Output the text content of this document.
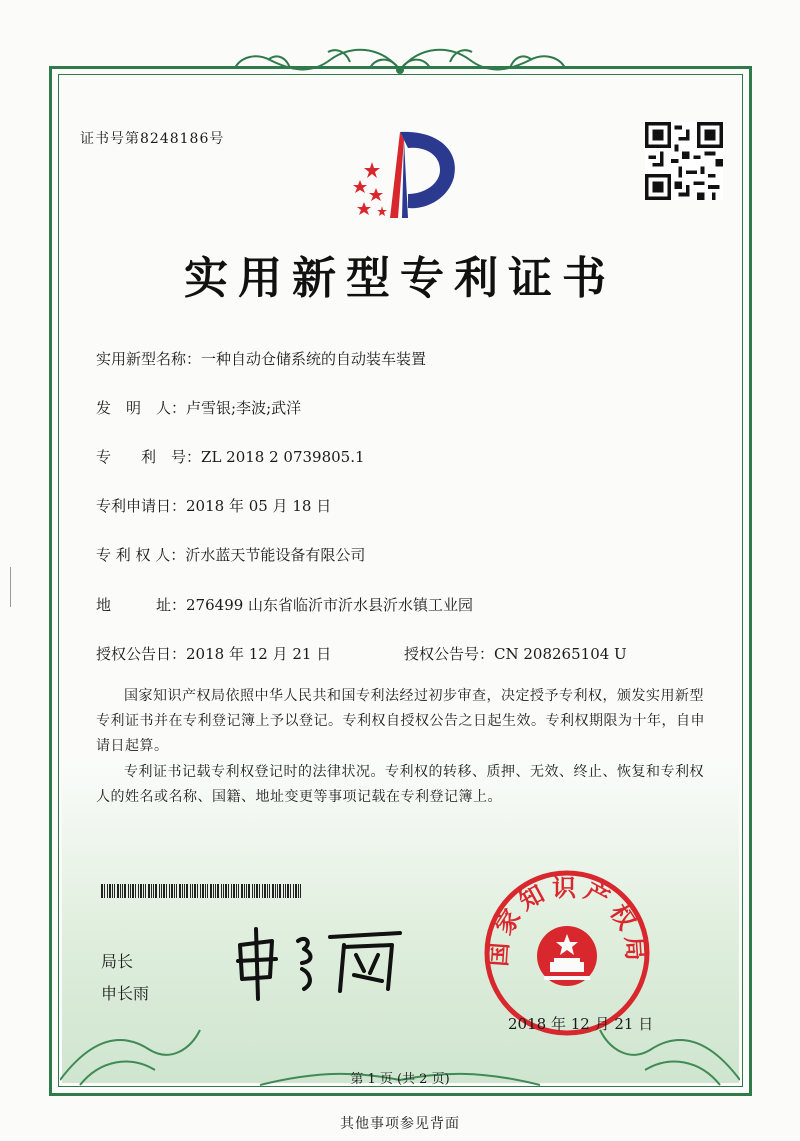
证书号第8248186号
实用新型专利证书
实用新型名称：一种自动仓储系统的自动装车装置
发　明　人：卢雪银;李波;武洋
专　　利　号：ZL 2018 2 0739805.1
专利申请日：2018 年 05 月 18 日
专 利 权 人：沂水蓝天节能设备有限公司
地　　　址：276499 山东省临沂市沂水县沂水镇工业园
授权公告日：2018 年 12 月 21 日	授权公告号：CN 208265104 U
国家知识产权局依照中华人民共和国专利法经过初步审查，决定授予专利权，颁发实用新型专利证书并在专利登记簿上予以登记。专利权自授权公告之日起生效。专利权期限为十年，自申请日起算。
专利证书记载专利权登记时的法律状况。专利权的转移、质押、无效、终止、恢复和专利权人的姓名或名称、国籍、地址变更等事项记载在专利登记簿上。
局长
申长雨
国家知识产权局
2018 年 12 月 21 日
第 1 页 (共 2 页)
其他事项参见背面
